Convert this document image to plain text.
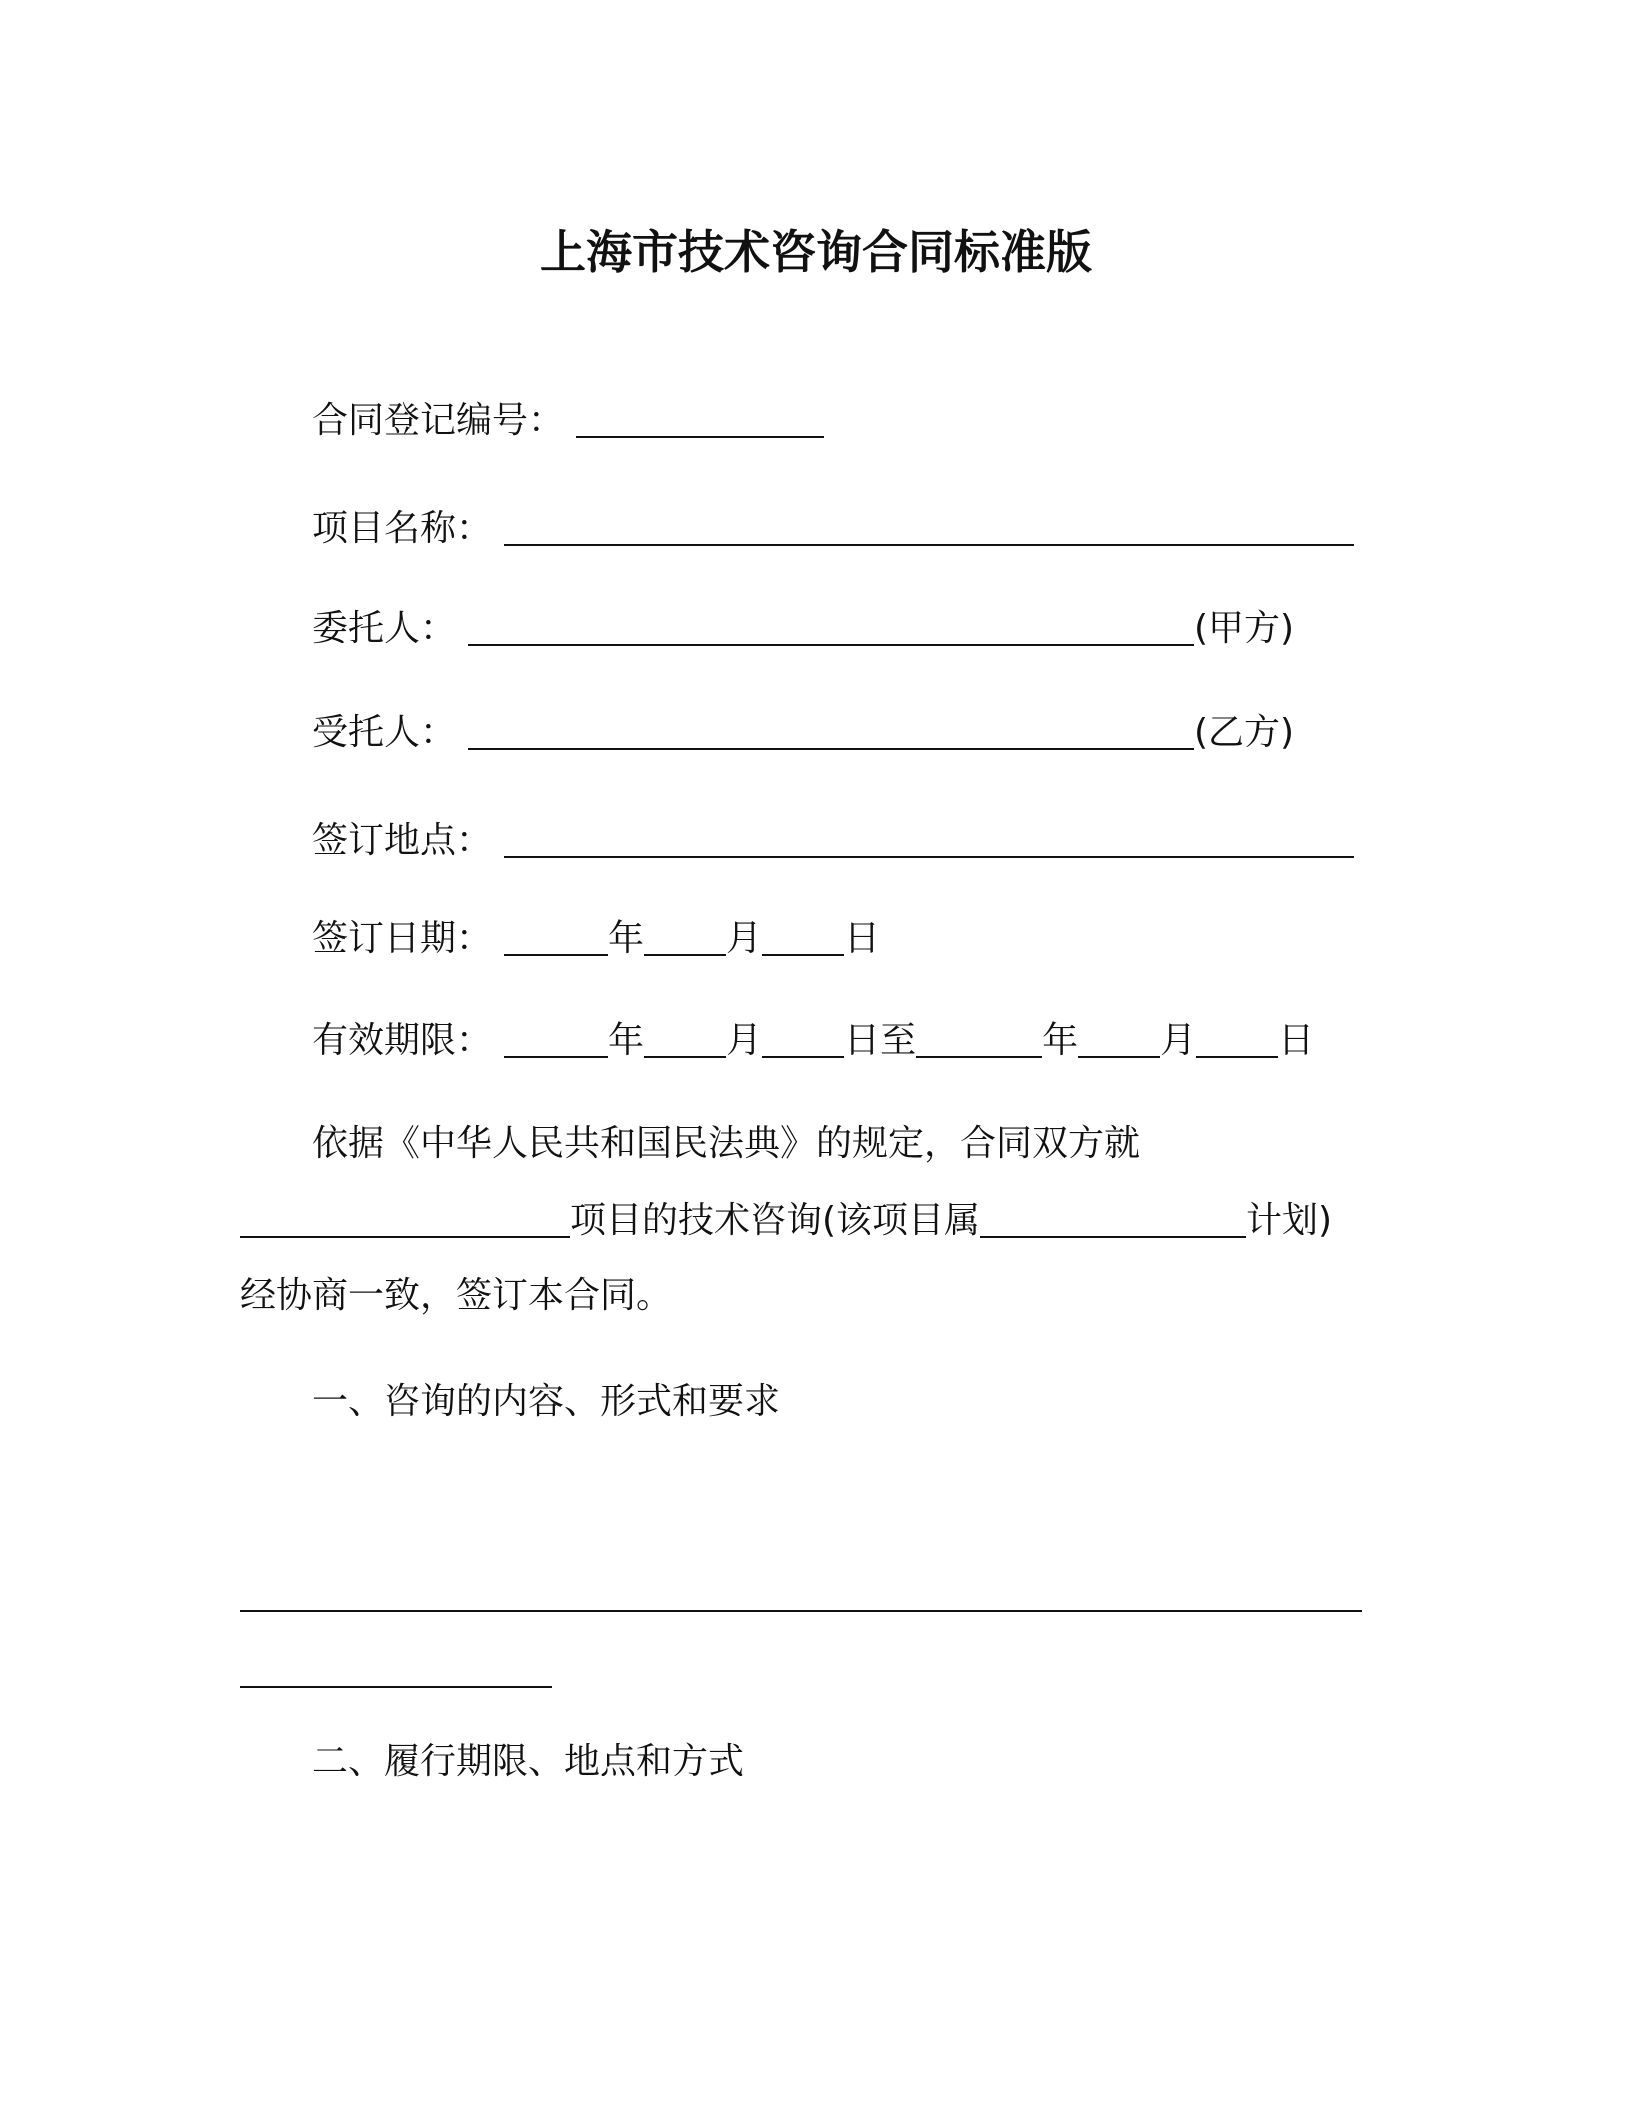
上海市技术咨询合同标准版
合同登记编号：
项目名称：
委托人：	(甲方)
受托人：	(乙方)
签订地点：
签订日期：	年 月 日
有效期限：	年 月 日 至	年 月 日
依据《中华人民共和国民法典》的规定，合同双方就
项目的技术咨询(该项目属	计划)
经协商一致，签订本合同。
一、咨询的内容、形式和要求
二、履行期限、地点和方式
